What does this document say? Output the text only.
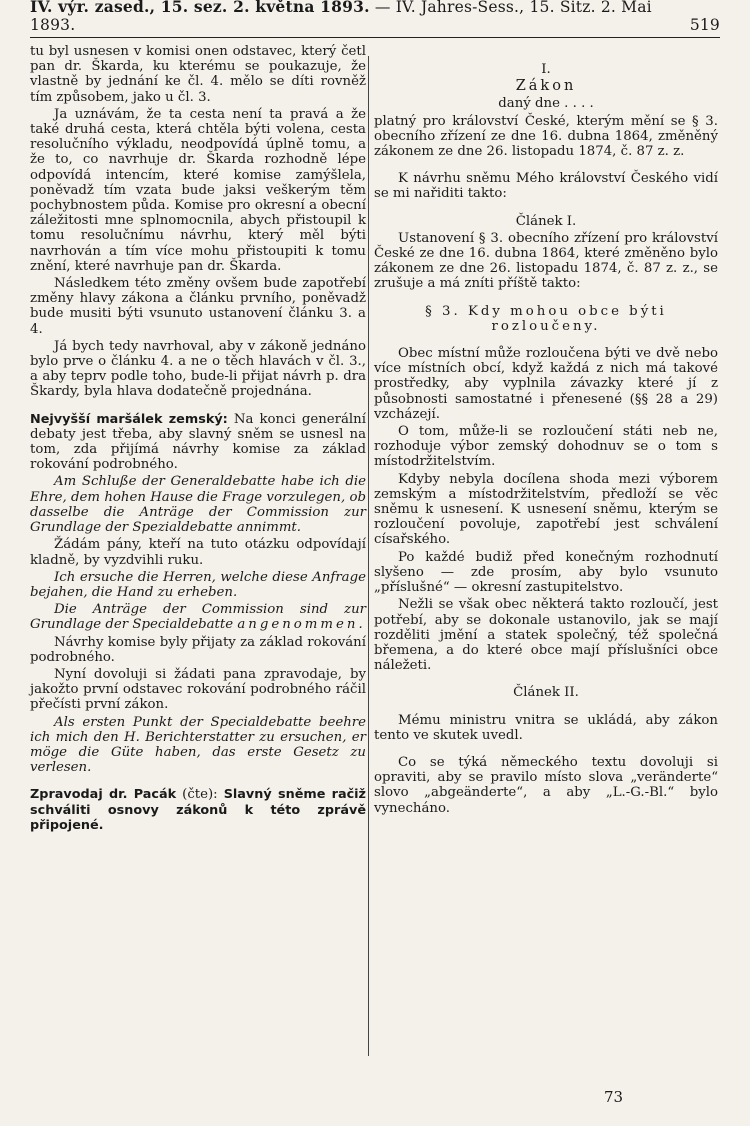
IV. výr. zased., 15. sez. 2. května 1893. — IV. Jahres-Sess., 15. Sitz. 2. Mai 1893.	519

tu byl usnesen v komisi onen odstavec, který četl pan dr. Škarda, ku kterému se poukazuje, že vlastně by jednání ke čl. 4. mělo se díti rovněž tím způsobem, jako u čl. 3.

Ja uznávám, že ta cesta není ta pravá a že také druhá cesta, která chtěla býti volena, cesta resolučního výkladu, neodpovídá úplně tomu, a že to, co navrhuje dr. Škarda rozhodně lépe odpovídá intencím, které komise zamýšlela, poněvadž tím vzata bude jaksi veškerým těm pochybnostem půda. Komise pro okresní a obecní záležitosti mne splnomocnila, abych přistoupil k tomu resolučnímu návrhu, který měl býti navrhován a tím více mohu přistoupiti k tomu znění, které navrhuje pan dr. Škarda.

Následkem této změny ovšem bude zapotřebí změny hlavy zákona a článku prvního, poněvadž bude musiti býti vsunuto ustanovení článku 3. a 4.

Já bych tedy navrhoval, aby v zákoně jednáno bylo prve o článku 4. a ne o těch hlavách v čl. 3., a aby teprv podle toho, bude-li přijat návrh p. dra Škardy, byla hlava dodatečně projednána.

Nejvyšší maršálek zemský: Na konci generální debaty jest třeba, aby slavný sněm se usnesl na tom, zda přijímá návrhy komise za základ rokování podrobného.

Am Schluße der Generaldebatte habe ich die Ehre, dem hohen Hause die Frage vorzulegen, ob dasselbe die Anträge der Commission zur Grundlage der Spezialdebatte annimmt.

Žádám pány, kteří na tuto otázku odpovídají kladně, by vyzdvihli ruku.

Ich ersuche die Herren, welche diese Anfrage bejahen, die Hand zu erheben.

Die Anträge der Commission sind zur Grundlage der Specialdebatte angenommen.

Návrhy komise byly přijaty za základ rokování podrobného.

Nyní dovoluji si žádati pana zpravodaje, by jakožto první odstavec rokování podrobného ráčil přečísti první zákon.

Als ersten Punkt der Specialdebatte beehre ich mich den H. Berichterstatter zu ersuchen, er möge die Güte haben, das erste Gesetz zu verlesen.

Zpravodaj dr. Pacák (čte): Slavný sněme račiž schváliti osnovy zákonů k této zprávě připojené.

I.

Zákon

daný dne . . . .

platný pro království České, kterým mění se § 3. obecního zřízení ze dne 16. dubna 1864, změněný zákonem ze dne 26. listopadu 1874, č. 87 z. z.

K návrhu sněmu Mého království Českého vidí se mi nařiditi takto:

Článek I.

Ustanovení § 3. obecního zřízení pro království České ze dne 16. dubna 1864, které změněno bylo zákonem ze dne 26. listopadu 1874, č. 87 z. z., se zrušuje a má zníti příště takto:

§ 3. Kdy mohou obce býti rozloučeny.

Obec místní může rozloučena býti ve dvě nebo více místních obcí, když každá z nich má takové prostředky, aby vyplnila závazky které jí z působnosti samostatné i přenesené (§§ 28 a 29) vzcházejí.

O tom, může-li se rozloučení státi neb ne, rozhoduje výbor zemský dohodnuv se o tom s místodržitelstvím.

Kdyby nebyla docílena shoda mezi výborem zemským a místodržitelstvím, předloží se věc sněmu k usnesení. K usnesení sněmu, kterým se rozloučení povoluje, zapotřebí jest schválení císařského.

Po každé budiž před konečným rozhodnutí slyšeno — zde prosím, aby bylo vsunuto „příslušné“ — okresní zastupitelstvo.

Nežli se však obec některá takto rozloučí, jest potřebí, aby se dokonale ustanovilo, jak se mají rozděliti jmění a statek společný, též společná břemena, a do které obce mají příslušníci obce náležeti.

Článek II.

Mému ministru vnitra se ukládá, aby zákon tento ve skutek uvedl.

Co se týká německého textu dovoluji si opraviti, aby se pravilo místo slova „veränderte“ slovo „abgeänderte“, a aby „L.-G.-Bl.“ bylo vynecháno.

73
